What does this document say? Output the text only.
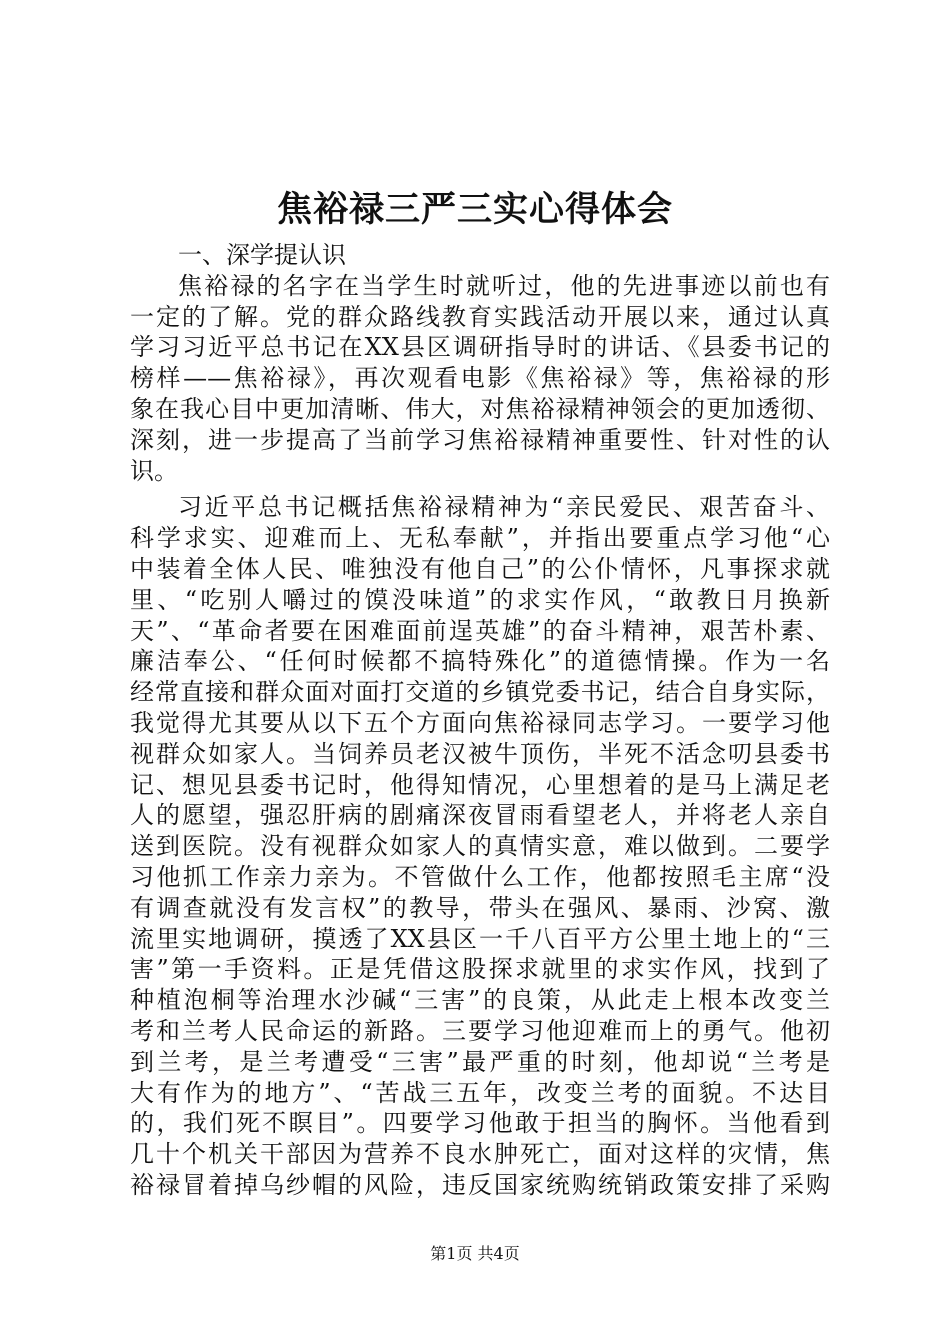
焦裕禄三严三实心得体会
一、深学提认识
焦裕禄的名字在当学生时就听过，他的先进事迹以前也有
一定的了解。党的群众路线教育实践活动开展以来，通过认真
学习习近平总书记在XX县区调研指导时的讲话、《县委书记的
榜样——焦裕禄》，再次观看电影《焦裕禄》等，焦裕禄的形
象在我心目中更加清晰、伟大，对焦裕禄精神领会的更加透彻、
深刻，进一步提高了当前学习焦裕禄精神重要性、针对性的认
识。
习近平总书记概括焦裕禄精神为“亲民爱民、艰苦奋斗、
科学求实、迎难而上、无私奉献”，并指出要重点学习他“心
中装着全体人民、唯独没有他自己”的公仆情怀，凡事探求就
里、“吃别人嚼过的馍没味道”的求实作风，“敢教日月换新
天”、“革命者要在困难面前逞英雄”的奋斗精神，艰苦朴素、
廉洁奉公、“任何时候都不搞特殊化”的道德情操。作为一名
经常直接和群众面对面打交道的乡镇党委书记，结合自身实际，
我觉得尤其要从以下五个方面向焦裕禄同志学习。一要学习他
视群众如家人。当饲养员老汉被牛顶伤，半死不活念叨县委书
记、想见县委书记时，他得知情况，心里想着的是马上满足老
人的愿望，强忍肝病的剧痛深夜冒雨看望老人，并将老人亲自
送到医院。没有视群众如家人的真情实意，难以做到。二要学
习他抓工作亲力亲为。不管做什么工作，他都按照毛主席“没
有调查就没有发言权”的教导，带头在强风、暴雨、沙窝、激
流里实地调研，摸透了XX县区一千八百平方公里土地上的“三
害”第一手资料。正是凭借这股探求就里的求实作风，找到了
种植泡桐等治理水沙碱“三害”的良策，从此走上根本改变兰
考和兰考人民命运的新路。三要学习他迎难而上的勇气。他初
到兰考，是兰考遭受“三害”最严重的时刻，他却说“兰考是
大有作为的地方”、“苦战三五年，改变兰考的面貌。不达目
的，我们死不瞑目”。四要学习他敢于担当的胸怀。当他看到
几十个机关干部因为营养不良水肿死亡，面对这样的灾情，焦
裕禄冒着掉乌纱帽的风险，违反国家统购统销政策安排了采购
第1页 共4页
